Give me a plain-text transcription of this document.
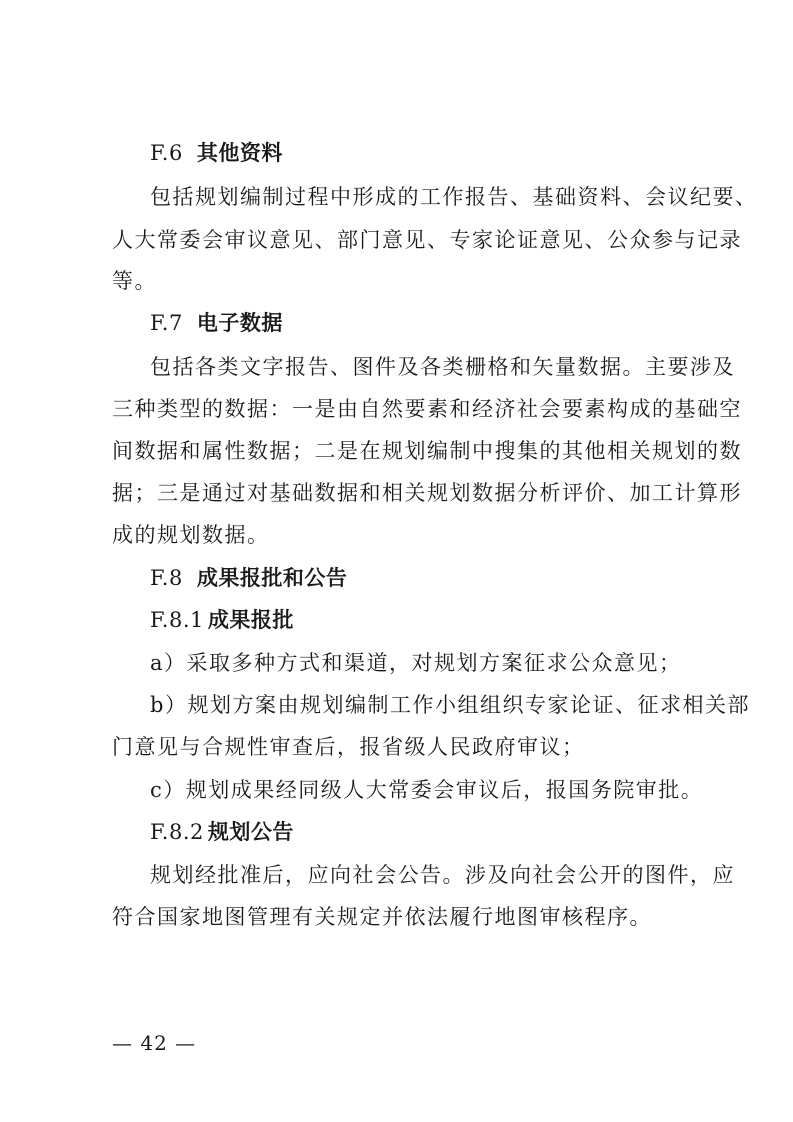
F.6 其他资料
包括规划编制过程中形成的工作报告、基础资料、会议纪要、
人大常委会审议意见、部门意见、专家论证意见、公众参与记录
等。
F.7 电子数据
包括各类文字报告、图件及各类栅格和矢量数据。主要涉及
三种类型的数据：一是由自然要素和经济社会要素构成的基础空
间数据和属性数据；二是在规划编制中搜集的其他相关规划的数
据；三是通过对基础数据和相关规划数据分析评价、加工计算形
成的规划数据。
F.8 成果报批和公告
F.8.1 成果报批
a）采取多种方式和渠道，对规划方案征求公众意见；
b）规划方案由规划编制工作小组组织专家论证、征求相关部
门意见与合规性审查后，报省级人民政府审议；
c）规划成果经同级人大常委会审议后，报国务院审批。
F.8.2 规划公告
规划经批准后，应向社会公告。涉及向社会公开的图件，应
符合国家地图管理有关规定并依法履行地图审核程序。
— 42 —
